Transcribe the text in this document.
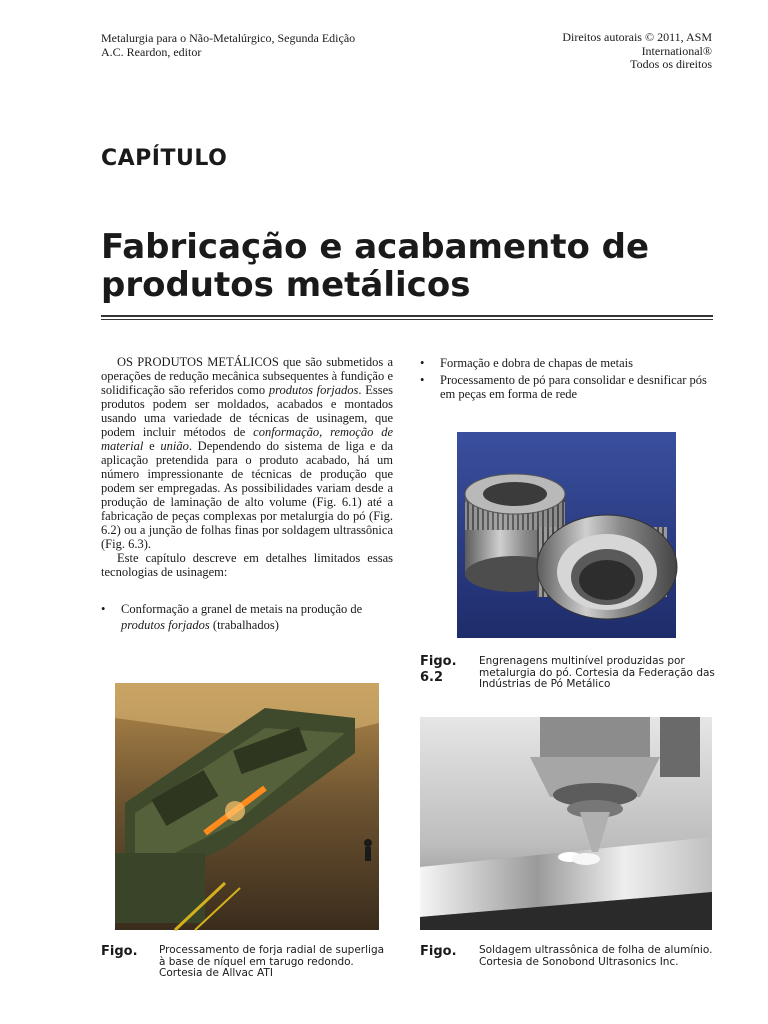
Metalurgia para o Não-Metalúrgico, Segunda Edição
A.C. Reardon, editor
Direitos autorais © 2011, ASM
International®
Todos os direitos
CAPÍTULO
Fabricação e acabamento de produtos metálicos

OS PRODUTOS METÁLICOS que são submetidos a operações de redução mecânica subsequentes à fundição e solidificação são referidos como produtos forjados. Esses produtos podem ser moldados, acabados e montados usando uma variedade de técnicas de usinagem, que podem incluir métodos de conformação, remoção de material e união. Dependendo do sistema de liga e da aplicação pretendida para o produto acabado, há um número impressionante de técnicas de produção que podem ser empregadas. As possibilidades variam desde a produção de laminação de alto volume (Fig. 6.1) até a fabricação de peças complexas por metalurgia do pó (Fig. 6.2) ou a junção de folhas finas por soldagem ultrassônica (Fig. 6.3).

Este capítulo descreve em detalhes limitados essas tecnologias de usinagem:

• Conformação a granel de metais na produção de produtos forjados (trabalhados)
• Formação e dobra de chapas de metais
• Processamento de pó para consolidar e desnificar pós em peças em forma de rede
Figo.
6.2
Engrenagens multinível produzidas por metalurgia do pó. Cortesia da Federação das Indústrias de Pó Metálico
Figo. Processamento de forja radial de superliga à base de níquel em tarugo redondo. Cortesia de Allvac ATI
Figo. Soldagem ultrassônica de folha de alumínio. Cortesia de Sonobond Ultrasonics Inc.
